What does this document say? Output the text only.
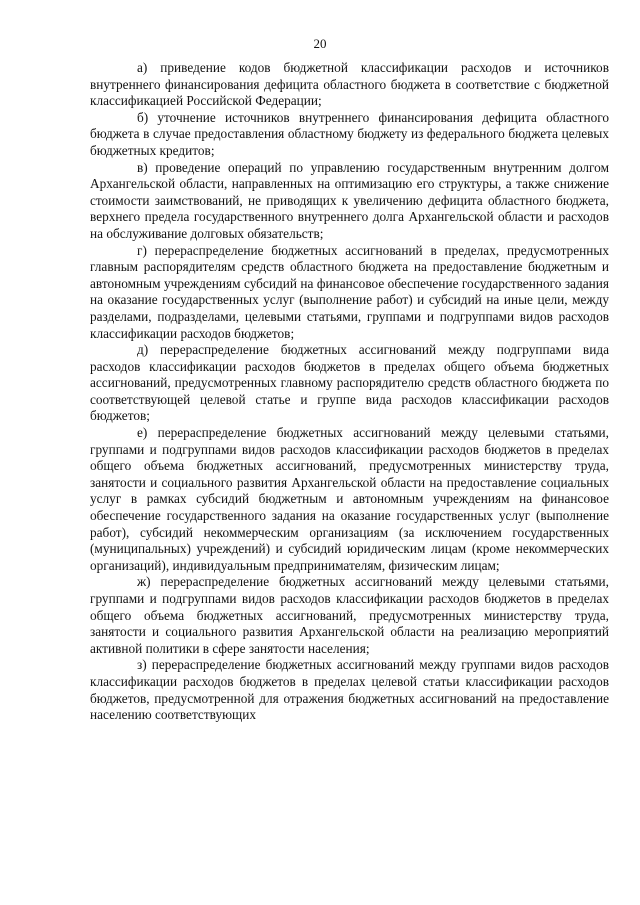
20

а) приведение кодов бюджетной классификации расходов и источников внутреннего финансирования дефицита областного бюджета в соответствие с бюджетной классификацией Российской Федерации;

б) уточнение источников внутреннего финансирования дефицита областного бюджета в случае предоставления областному бюджету из федерального бюджета целевых бюджетных кредитов;

в) проведение операций по управлению государственным внутренним долгом Архангельской области, направленных на оптимизацию его структуры, а также снижение стоимости заимствований, не приводящих к увеличению дефицита областного бюджета, верхнего предела государственного внутреннего долга Архангельской области и расходов на обслуживание долговых обязательств;

г) перераспределение бюджетных ассигнований в пределах, предусмотренных главным распорядителям средств областного бюджета на предоставление бюджетным и автономным учреждениям субсидий на финансовое обеспечение государственного задания на оказание государственных услуг (выполнение работ) и субсидий на иные цели, между разделами, подразделами, целевыми статьями, группами и подгруппами видов расходов классификации расходов бюджетов;

д) перераспределение бюджетных ассигнований между подгруппами вида расходов классификации расходов бюджетов в пределах общего объема бюджетных ассигнований, предусмотренных главному распорядителю средств областного бюджета по соответствующей целевой статье и группе вида расходов классификации расходов бюджетов;

е) перераспределение бюджетных ассигнований между целевыми статьями, группами и подгруппами видов расходов классификации расходов бюджетов в пределах общего объема бюджетных ассигнований, предусмотренных министерству труда, занятости и социального развития Архангельской области на предоставление социальных услуг в рамках субсидий бюджетным и автономным учреждениям на финансовое обеспечение государственного задания на оказание государственных услуг (выполнение работ), субсидий некоммерческим организациям (за исключением государственных (муниципальных) учреждений) и субсидий юридическим лицам (кроме некоммерческих организаций), индивидуальным предпринимателям, физическим лицам;

ж) перераспределение бюджетных ассигнований между целевыми статьями, группами и подгруппами видов расходов классификации расходов бюджетов в пределах общего объема бюджетных ассигнований, предусмотренных министерству труда, занятости и социального развития Архангельской области на реализацию мероприятий активной политики в сфере занятости населения;

з) перераспределение бюджетных ассигнований между группами видов расходов классификации расходов бюджетов в пределах целевой статьи классификации расходов бюджетов, предусмотренной для отражения бюджетных ассигнований на предоставление населению соответствующих
